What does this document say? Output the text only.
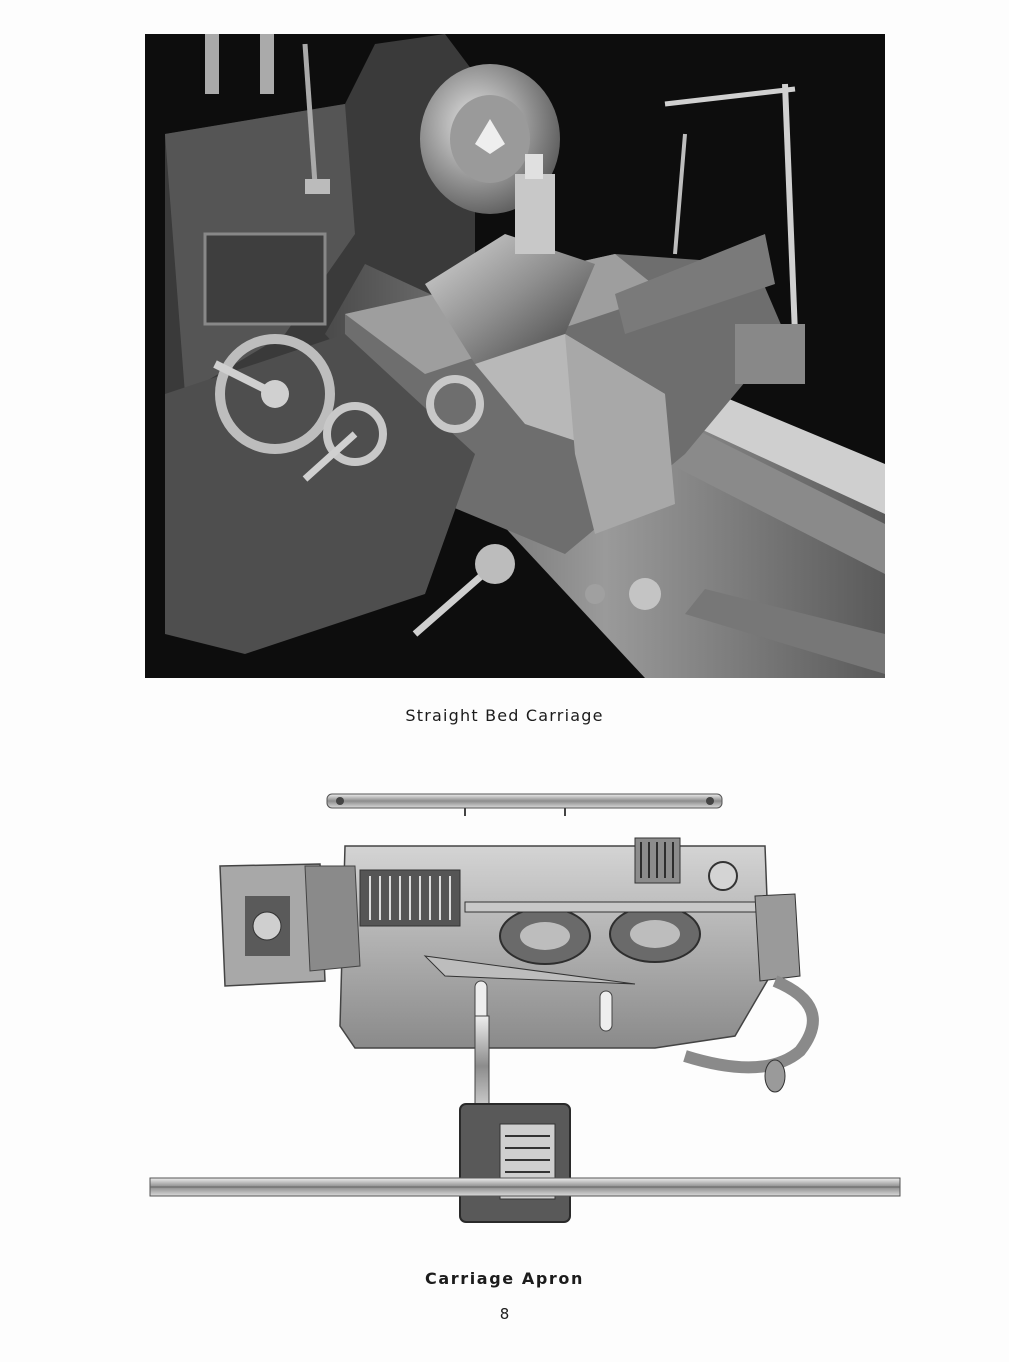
Straight Bed Carriage
Carriage Apron
8
